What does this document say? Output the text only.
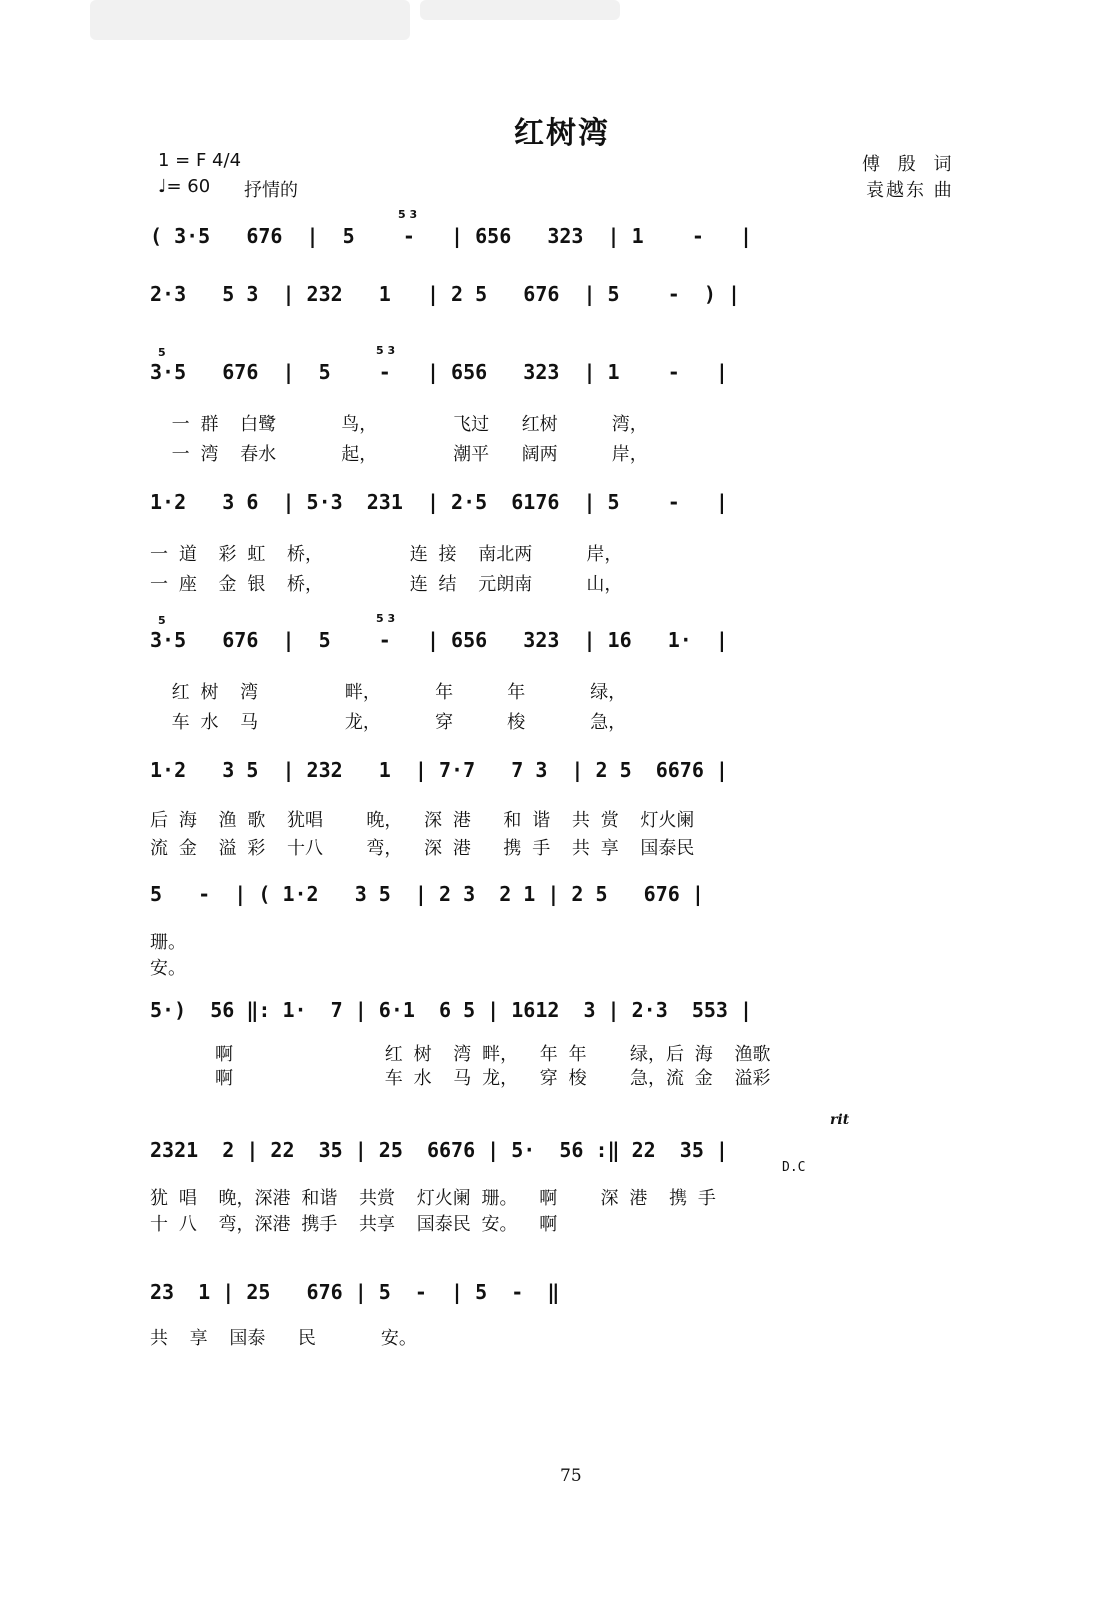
红树湾
1 = F 4/4
♩= 60 抒情的
傅 殷 词
袁越东 曲
( 3·5   676  |  5    -   | 656   323  | 1    -   |
5 3
2·3   5 3  | 232   1   | 2 5   676  | 5    -  ) |
5	5 3
3·5   676  |  5    -   | 656   323  | 1    -   |
一 群  白鹭      鸟，       飞过   红树     湾，
一 湾  春水      起，       潮平   阔两     岸，
1·2   3 6  | 5·3  231  | 2·5  6176  | 5    -   |
一 道  彩 虹  桥，        连 接  南北两     岸，
一 座  金 银  桥，        连 结  元朗南     山，
5	5 3
3·5   676  |  5    -   | 656   323  | 16   1·  |
红 树  湾        畔，     年     年      绿，
车 水  马        龙，     穿     梭      急，
1·2   3 5  | 232   1  | 7·7   7 3  | 2 5  6676 |
后 海  渔 歌  犹唱    晚，  深 港   和 谐  共 赏  灯火阑
流 金  溢 彩  十八    弯，  深 港   携 手  共 享  国泰民
5   -  | ( 1·2   3 5  | 2 3  2 1 | 2 5   676 |
珊。
安。
5·)  56 ‖: 1·  7 | 6·1  6 5 | 1612  3 | 2·3  553 |
啊              红 树  湾 畔，  年 年    绿，后 海  渔歌
啊              车 水  马 龙，  穿 梭    急，流 金  溢彩
rit
2321  2 | 22  35 | 25  6676 | 5·  56 :‖ 22  35 |
D.C
犹 唱  晚，深港 和谐  共赏  灯火阑 珊。  啊    深 港  携 手
十 八  弯，深港 携手  共享  国泰民 安。  啊
23  1 | 25   676 | 5  -  | 5  -  ‖
共  享  国泰   民      安。
75
